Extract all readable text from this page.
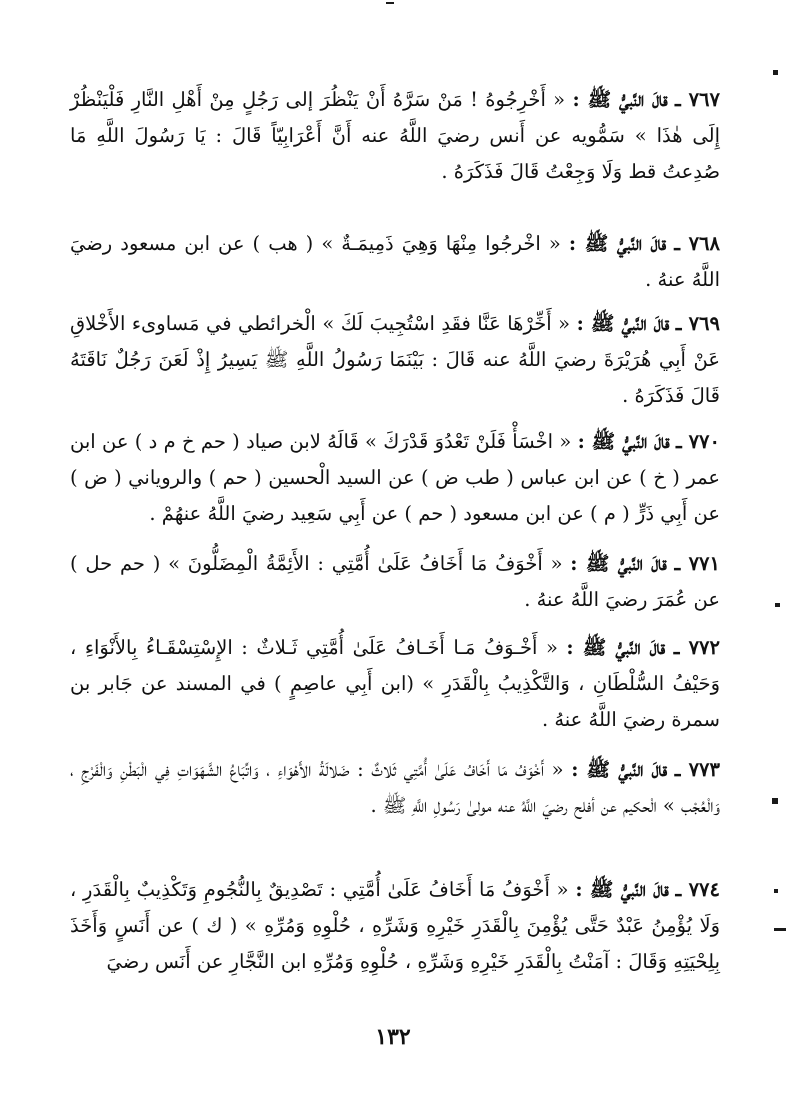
٧٦٧ ـ قالَ النَّبيُّ ﷺ : « أَخْرِجُوهُ ! مَنْ سَرَّهُ أَنْ يَنْظُرَ إلى رَجُلٍ مِنْ أَهْلِ النَّارِ فَلْيَنْظُرْ إِلَى هٰذَا » سَمُّويه عن أَنس رضيَ اللَّهُ عنه أَنَّ أَعْرَابِيّاً قَالَ : يَا رَسُولَ اللَّهِ مَا صُدِعتُ قط وَلَا وَجِعْتُ قَالَ فَذَكَرَهُ .
٧٦٨ ـ قالَ النَّبيُّ ﷺ : « اخْرجُوا مِنْهَا وَهِيَ ذَمِيمَـةٌ » ( هب ) عن ابن مسعود رضيَ اللَّهُ عنهُ .
٧٦٩ ـ قالَ النَّبيُّ ﷺ : « أَخِّرْهَا عَنَّا فقَدِ اسْتُجِيبَ لَكَ » الْخرائطي في مَساوىء الأَخْلاقِ عَنْ أَبِي هُرَيْرَةَ رضيَ اللَّهُ عنه قَالَ : بَيْنَمَا رَسُولُ اللَّهِ ﷺ يَسِيرُ إِذْ لَعَنَ رَجُلٌ نَاقَتَهُ قَالَ فَذَكَرَهُ .
٧٧٠ ـ قالَ النَّبيُّ ﷺ : « اخْسَأْ فَلَنْ تَعْدُوَ قَدْرَكَ » قَالَهُ لابن صياد ( حم خ م د ) عن ابن عمر ( خ ) عن ابن عباس ( طب ض ) عن السيد الْحسين ( حم ) والروياني ( ض ) عن أَبِي ذَرٍّ ( م ) عن ابن مسعود ( حم ) عن أَبِي سَعِيد رضيَ اللَّهُ عنهُمْ .
٧٧١ ـ قالَ النَّبيُّ ﷺ : « أَخْوَفُ مَا أَخَافُ عَلَىٰ أُمَّتِي : الأَئِمَّةُ الْمِضَلُّونَ » ( حم حل ) عن عُمَرَ رضيَ اللَّهُ عنهُ .
٧٧٢ ـ قالَ النَّبيُّ ﷺ : « أَخْـوَفُ مَـا أَخَـافُ عَلَىٰ أُمَّتِي ثَـلاثٌ : الإِسْتِسْقَـاءُ بِالأَنْوَاءِ ، وَحَيْفُ السُّلْطَانِ ، وَالتَّكْذِيبُ بِالْقَدَرِ » (ابن أَبِي عاصِمٍ ) في المسند عن جَابر بن سمرة رضيَ اللَّهُ عنهُ .
٧٧٣ ـ قالَ النَّبيُّ ﷺ : « أَخْوَفُ مَا أَخَافُ عَلَىٰ أُمَّتِي ثَلاثٌ : ضَلالَةُ الأَهْوَاءِ ، وَاتِّبَاعُ الشَّهَوَاتِ فِي الْبَطْنِ وَالْفَرْجِ ، وَالْعُجْب » الْحكيم عن أفلح رضيَ اللَّهُ عنه مولىٰ رَسُولِ اللَّهِ ﷺ .
٧٧٤ ـ قالَ النَّبيُّ ﷺ : « أَخْوَفُ مَا أَخَافُ عَلَىٰ أُمَّتِي : تَصْدِيقٌ بِالنُّجُومِ وَتَكْذِيبٌ بِالْقَدَرِ ، وَلَا يُؤْمِنُ عَبْدٌ حَتَّى يُؤْمِنَ بِالْقَدَرِ خَيْرِهِ وَشَرِّهِ ، حُلْوِهِ وَمُرِّهِ » ( ك ) عن أَنَسٍ وَأَخَذَ بِلِحْيَتِهِ وَقَالَ : آمَنْتُ بِالْقَدَرِ خَيْرِهِ وَشَرِّهِ ، حُلْوِهِ وَمُرِّهِ ابن النَّجَّارِ عن أَنَس رضيَ
١٣٢
